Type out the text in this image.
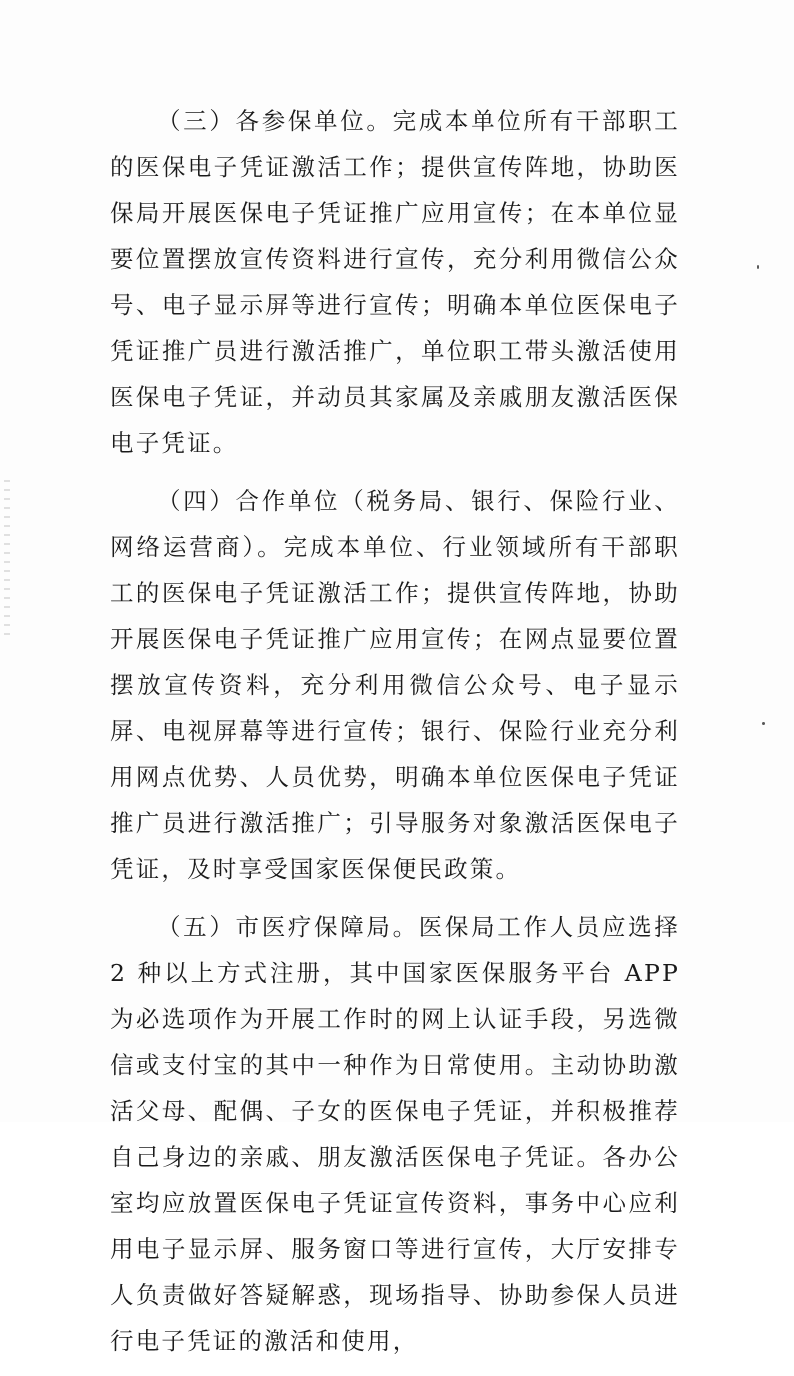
（三）各参保单位。完成本单位所有干部职工的医保电子凭证激活工作；提供宣传阵地，协助医保局开展医保电子凭证推广应用宣传；在本单位显要位置摆放宣传资料进行宣传，充分利用微信公众号、电子显示屏等进行宣传；明确本单位医保电子凭证推广员进行激活推广，单位职工带头激活使用医保电子凭证，并动员其家属及亲戚朋友激活医保电子凭证。

（四）合作单位（税务局、银行、保险行业、网络运营商）。完成本单位、行业领域所有干部职工的医保电子凭证激活工作；提供宣传阵地，协助开展医保电子凭证推广应用宣传；在网点显要位置摆放宣传资料，充分利用微信公众号、电子显示屏、电视屏幕等进行宣传；银行、保险行业充分利用网点优势、人员优势，明确本单位医保电子凭证推广员进行激活推广；引导服务对象激活医保电子凭证，及时享受国家医保便民政策。

（五）市医疗保障局。医保局工作人员应选择 2 种以上方式注册，其中国家医保服务平台 APP 为必选项作为开展工作时的网上认证手段，另选微信或支付宝的其中一种作为日常使用。主动协助激活父母、配偶、子女的医保电子凭证，并积极推荐自己身边的亲戚、朋友激活医保电子凭证。各办公室均应放置医保电子凭证宣传资料，事务中心应利用电子显示屏、服务窗口等进行宣传，大厅安排专人负责做好答疑解惑，现场指导、协助参保人员进行电子凭证的激活和使用，
